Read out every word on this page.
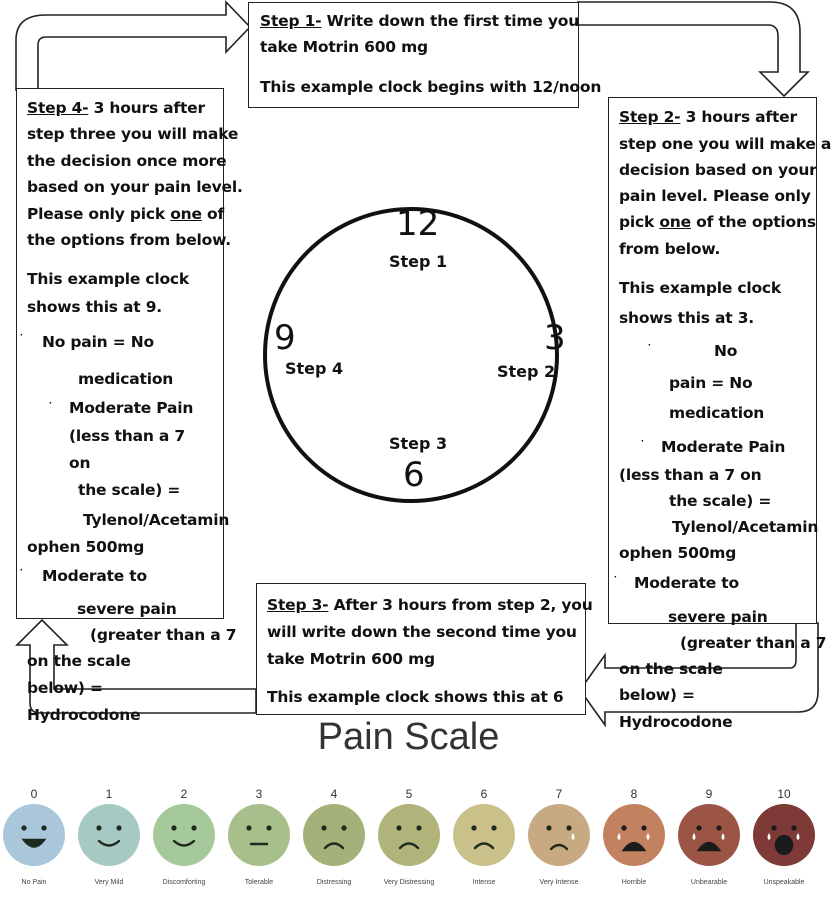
Step 1- Write down the first time you
take Motrin 600 mg
This example clock begins with 12/noon
Step 2- 3 hours after
step one you will make a
decision based on your
pain level. Please only
pick one of the options
from below.
This example clock
shows this at 3.
·	No
pain = No
medication
· Moderate Pain
(less than a 7 on
the scale) =
Tylenol/Acetamin
ophen 500mg
· Moderate to
severe pain
(greater than a 7
on the scale
below) =
Hydrocodone
Step 3- After 3 hours from step 2, you
will write down the second time you
take Motrin 600 mg
This example clock shows this at 6
Step 4- 3 hours after
step three you will make
the decision once more
based on your pain level.
Please only pick one of
the options from below.
This example clock
shows this at 9.
· No pain = No
medication
· Moderate Pain
(less than a 7
on
the scale) =
Tylenol/Acetamin
ophen 500mg
· Moderate to
severe pain
(greater than a 7
on the scale
below) =
Hydrocodone
12
3
6
9
Step 1
Step 2
Step 3
Step 4
Pain Scale
0
No Pain
1
Very Mild
2
Discomforting
3
Tolerable
4
Distressing
5
Very Distressing
6
Intense
7
Very Intense
8
Horrible
9
Unbearable
10
Unspeakable
